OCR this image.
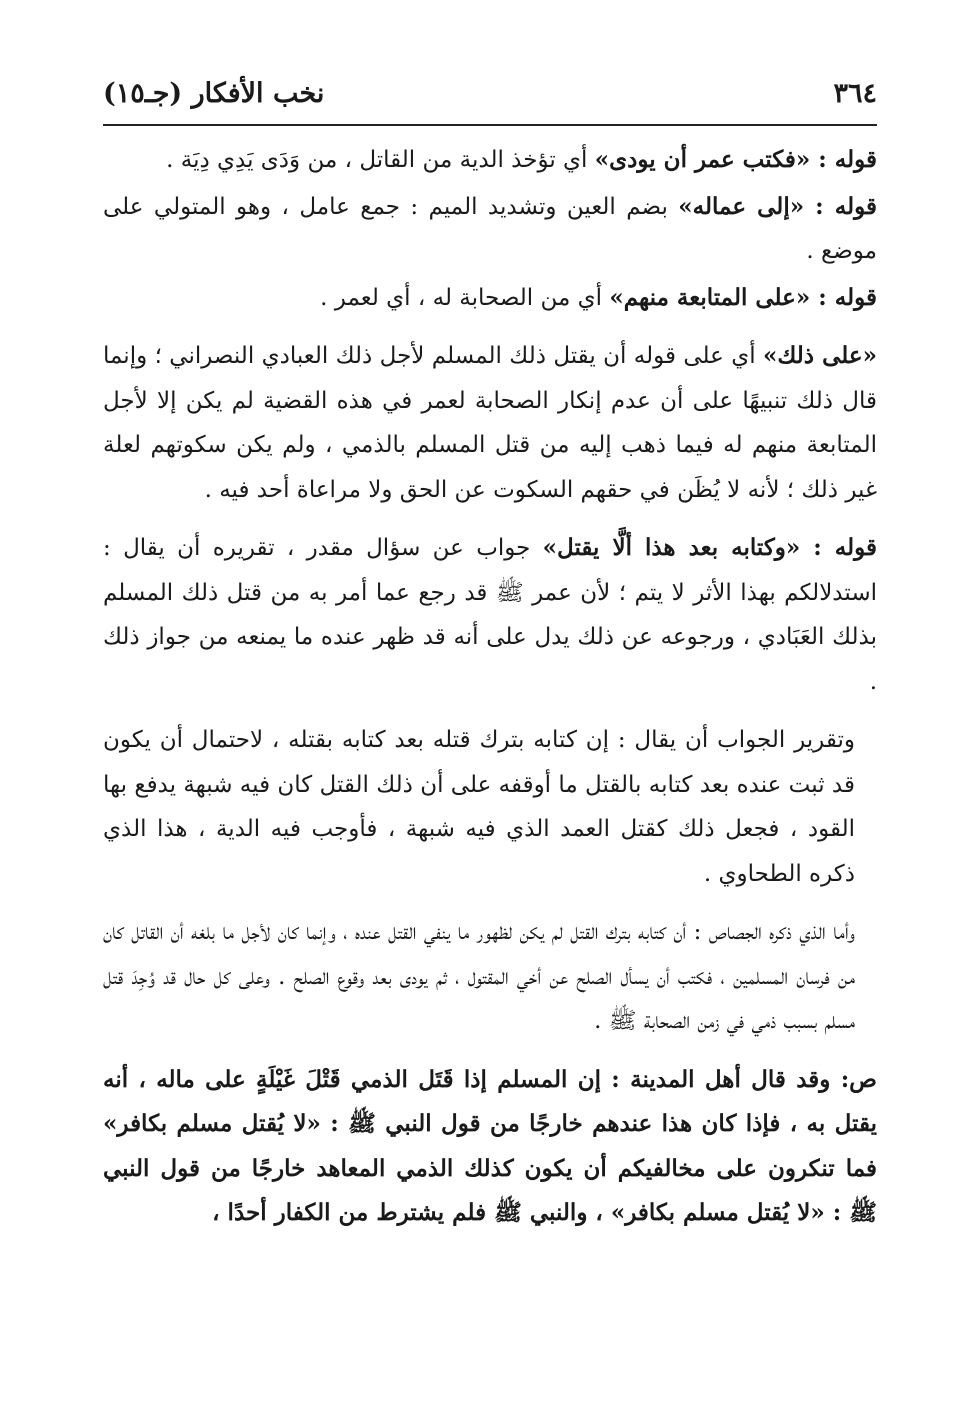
٣٦٤
نخب الأفكار (جـ١٥)

قوله : «فكتب عمر أن يودى» أي تؤخذ الدية من القاتل ، من وَدَى يَدِي دِيَة .

قوله : «إلى عماله» بضم العين وتشديد الميم : جمع عامل ، وهو المتولي على موضع .

قوله : «على المتابعة منهم» أي من الصحابة له ، أي لعمر .

«على ذلك» أي على قوله أن يقتل ذلك المسلم لأجل ذلك العبادي النصراني ؛ وإنما قال ذلك تنبيهًا على أن عدم إنكار الصحابة لعمر في هذه القضية لم يكن إلا لأجل المتابعة منهم له فيما ذهب إليه من قتل المسلم بالذمي ، ولم يكن سكوتهم لعلة غير ذلك ؛ لأنه لا يُظَن في حقهم السكوت عن الحق ولا مراعاة أحد فيه .

قوله : «وكتابه بعد هذا ألَّا يقتل» جواب عن سؤال مقدر ، تقريره أن يقال : استدلالكم بهذا الأثر لا يتم ؛ لأن عمر ﷺ قد رجع عما أمر به من قتل ذلك المسلم بذلك العَبَادي ، ورجوعه عن ذلك يدل على أنه قد ظهر عنده ما يمنعه من جواز ذلك .

وتقرير الجواب أن يقال : إن كتابه بترك قتله بعد كتابه بقتله ، لاحتمال أن يكون قد ثبت عنده بعد كتابه بالقتل ما أوقفه على أن ذلك القتل كان فيه شبهة يدفع بها القود ، فجعل ذلك كقتل العمد الذي فيه شبهة ، فأوجب فيه الدية ، هذا الذي ذكره الطحاوي .

وأما الذي ذكره الجصاص : أن كتابه بترك القتل لم يكن لظهور ما ينفي القتل عنده ، وإنما كان لأجل ما بلغه أن القاتل كان من فرسان المسلمين ، فكتب أن يسأل الصلح عن أخي المقتول ، ثم يودى بعد وقوع الصلح . وعلى كل حال قد وُجِدَ قتل مسلم بسبب ذمي في زمن الصحابة ﷺ .

ص: وقد قال أهل المدينة : إن المسلم إذا قَتَل الذمي قَتْلَ غَيْلَةٍ على ماله ، أنه يقتل به ، فإذا كان هذا عندهم خارجًا من قول النبي ﷺ : «لا يُقتل مسلم بكافر» فما تنكرون على مخالفيكم أن يكون كذلك الذمي المعاهد خارجًا من قول النبي ﷺ : «لا يُقتل مسلم بكافر» ، والنبي ﷺ فلم يشترط من الكفار أحدًا ،
